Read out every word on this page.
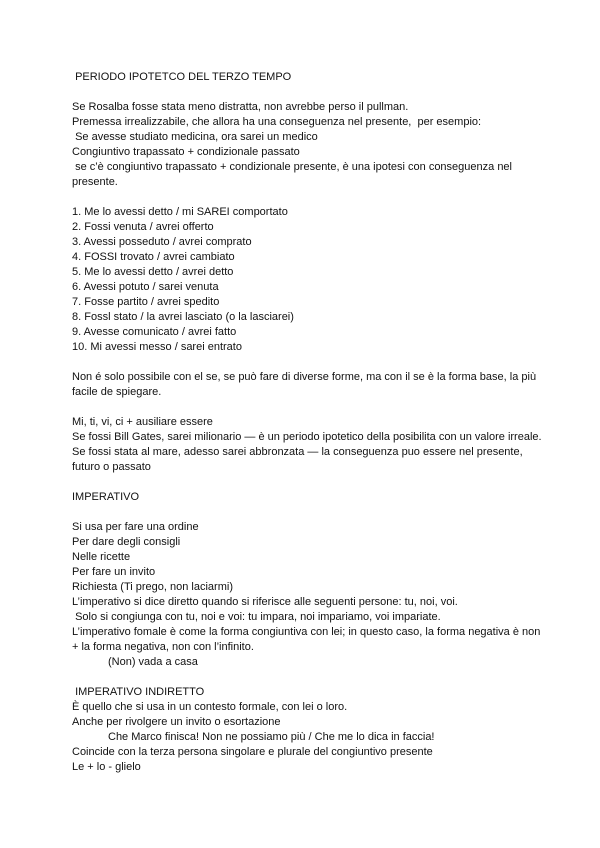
PERIODO IPOTETCO DEL TERZO TEMPO

Se Rosalba fosse stata meno distratta, non avrebbe perso il pullman.

Premessa irrealizzabile, che allora ha una conseguenza nel presente,  per esempio:

Se avesse studiato medicina, ora sarei un medico

Congiuntivo trapassato + condizionale passato

se c’è congiuntivo trapassato + condizionale presente, è una ipotesi con conseguenza nel presente.

1. Me lo avessi detto / mi SAREI comportato

2. Fossi venuta / avrei offerto

3. Avessi posseduto / avrei comprato

4. FOSSI trovato / avrei cambiato

5. Me lo avessi detto / avrei detto

6. Avessi potuto / sarei venuta

7. Fosse partito / avrei spedito

8. Fossl stato / la avrei lasciato (o la lasciarei)

9. Avesse comunicato / avrei fatto

10. Mi avessi messo / sarei entrato

Non é solo possibile con el se, se può fare di diverse forme, ma con il se è la forma base, la più facile de spiegare.

Mi, ti, vi, ci + ausiliare essere

Se fossi Bill Gates, sarei milionario — è un periodo ipotetico della posibilita con un valore irreale.

Se fossi stata al mare, adesso sarei abbronzata — la conseguenza puo essere nel presente, futuro o passato

IMPERATIVO

Si usa per fare una ordine

Per dare degli consigli

Nelle ricette

Per fare un invito

Richiesta (Ti prego, non laciarmi)

L’imperativo si dice diretto quando si riferisce alle seguenti persone: tu, noi, voi.

Solo si congiunga con tu, noi e voi: tu impara, noi impariamo, voi impariate.

L’imperativo fomale è come la forma congiuntiva con lei; in questo caso, la forma negativa è non + la forma negativa, non con l’infinito.

(Non) vada a casa

IMPERATIVO INDIRETTO

È quello che si usa in un contesto formale, con lei o loro.

Anche per rivolgere un invito o esortazione

Che Marco finisca! Non ne possiamo più / Che me lo dica in faccia!

Coincide con la terza persona singolare e plurale del congiuntivo presente

Le + lo - glielo
